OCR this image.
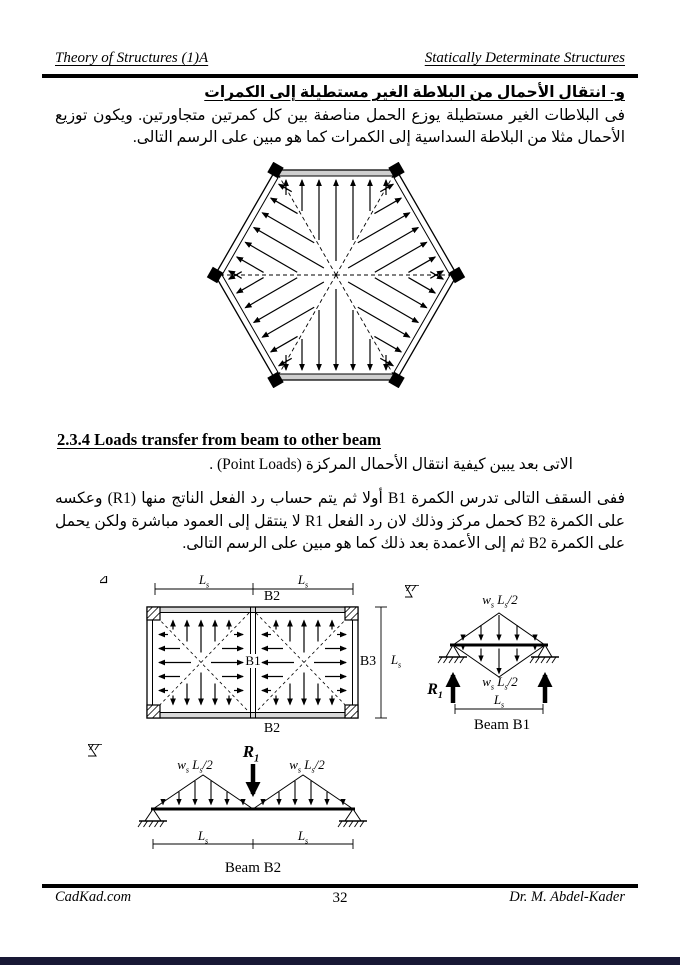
Theory of Structures (1)A	Statically Determinate Structures
و- انتقال الأحمال من البلاطة الغير مستطيلة إلى الكمرات
فى البلاطات الغير مستطيلة يوزع الحمل مناصفة بين كل كمرتين متجاورتين. ويكون توزيع الأحمال مثلا من البلاطة السداسية إلى الكمرات كما هو مبين على الرسم التالى.
2.3.4 Loads transfer from beam to other beam
الاتى بعد يبين كيفية انتقال الأحمال المركزة (Point Loads) .
ففى السقف التالى تدرس الكمرة B1 أولا ثم يتم حساب رد الفعل الناتج منها (R1) وعكسه على الكمرة B2 كحمل مركز وذلك لان رد الفعل R1 لا ينتقل إلى العمود مباشرة ولكن يحمل على الكمرة B2 ثم إلى الأعمدة بعد ذلك كما هو مبين على الرسم التالى.
$L_s$	$L_s$
B2
B1	B3 $L_s$
B2
$w_s$ $L_s/2$
$w_s$ $L_s/2$
$R_1$	$L_s$
Beam B1
$w_s$ $L_s/2$	$w_s$ $L_s/2$
$R_1$
$L_s$	$L_s$
Beam B2
CadKad.com	32	Dr. M. Abdel-Kader
